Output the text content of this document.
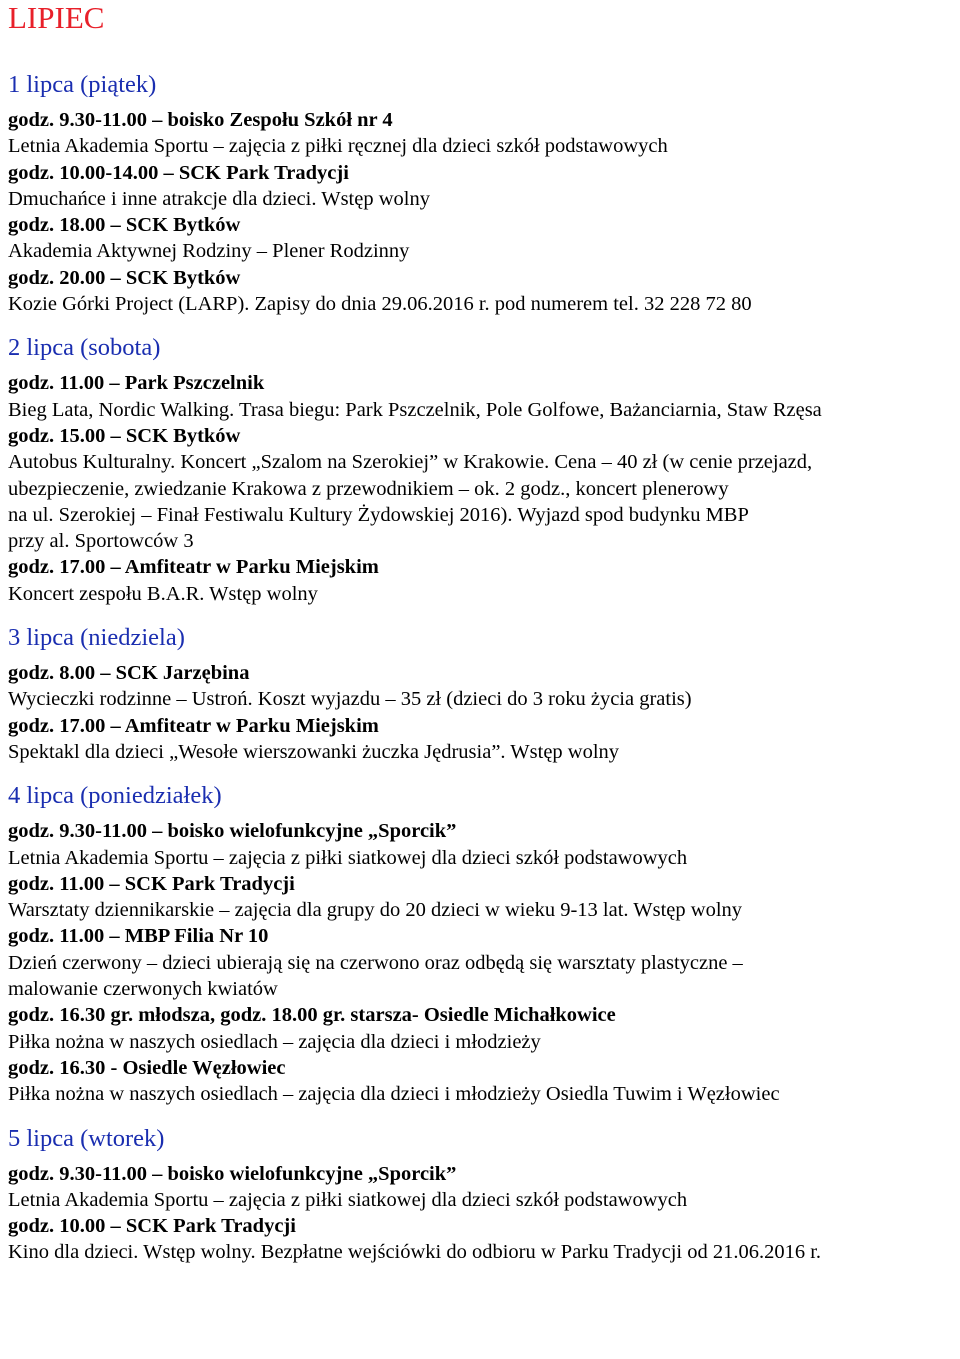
LIPIEC
1 lipca (piątek)
godz. 9.30-11.00 – boisko Zespołu Szkół nr 4
Letnia Akademia Sportu – zajęcia z piłki ręcznej dla dzieci szkół podstawowych
godz. 10.00-14.00 – SCK Park Tradycji
Dmuchańce i inne atrakcje dla dzieci. Wstęp wolny
godz. 18.00 – SCK Bytków
Akademia Aktywnej Rodziny – Plener Rodzinny
godz. 20.00 – SCK Bytków
Kozie Górki Project (LARP). Zapisy do dnia 29.06.2016 r. pod numerem tel. 32 228 72 80
2 lipca (sobota)
godz. 11.00 – Park Pszczelnik
Bieg Lata, Nordic Walking. Trasa biegu: Park Pszczelnik, Pole Golfowe, Bażanciarnia, Staw Rzęsa
godz. 15.00 – SCK Bytków
Autobus Kulturalny. Koncert „Szalom na Szerokiej” w Krakowie. Cena – 40 zł (w cenie przejazd,
ubezpieczenie, zwiedzanie Krakowa z przewodnikiem – ok. 2 godz., koncert plenerowy
na ul. Szerokiej – Finał Festiwalu Kultury Żydowskiej 2016). Wyjazd spod budynku MBP
przy al. Sportowców 3
godz. 17.00 – Amfiteatr w Parku Miejskim
Koncert zespołu B.A.R. Wstęp wolny
3 lipca (niedziela)
godz. 8.00 – SCK Jarzębina
Wycieczki rodzinne – Ustroń. Koszt wyjazdu – 35 zł (dzieci do 3 roku życia gratis)
godz. 17.00 – Amfiteatr w Parku Miejskim
Spektakl dla dzieci „Wesołe wierszowanki żuczka Jędrusia”. Wstęp wolny
4 lipca (poniedziałek)
godz. 9.30-11.00 – boisko wielofunkcyjne „Sporcik”
Letnia Akademia Sportu – zajęcia z piłki siatkowej dla dzieci szkół podstawowych
godz. 11.00 – SCK Park Tradycji
Warsztaty dziennikarskie – zajęcia dla grupy do 20 dzieci w wieku 9-13 lat. Wstęp wolny
godz. 11.00 – MBP Filia Nr 10
Dzień czerwony – dzieci ubierają się na czerwono oraz odbędą się warsztaty plastyczne –
malowanie czerwonych kwiatów
godz. 16.30 gr. młodsza, godz. 18.00 gr. starsza- Osiedle Michałkowice
Piłka nożna w naszych osiedlach – zajęcia dla dzieci i młodzieży
godz. 16.30 - Osiedle Węzłowiec
Piłka nożna w naszych osiedlach – zajęcia dla dzieci i młodzieży Osiedla Tuwim i Węzłowiec
5 lipca (wtorek)
godz. 9.30-11.00 – boisko wielofunkcyjne „Sporcik”
Letnia Akademia Sportu – zajęcia z piłki siatkowej dla dzieci szkół podstawowych
godz. 10.00 – SCK Park Tradycji
Kino dla dzieci. Wstęp wolny. Bezpłatne wejściówki do odbioru w Parku Tradycji od 21.06.2016 r.
